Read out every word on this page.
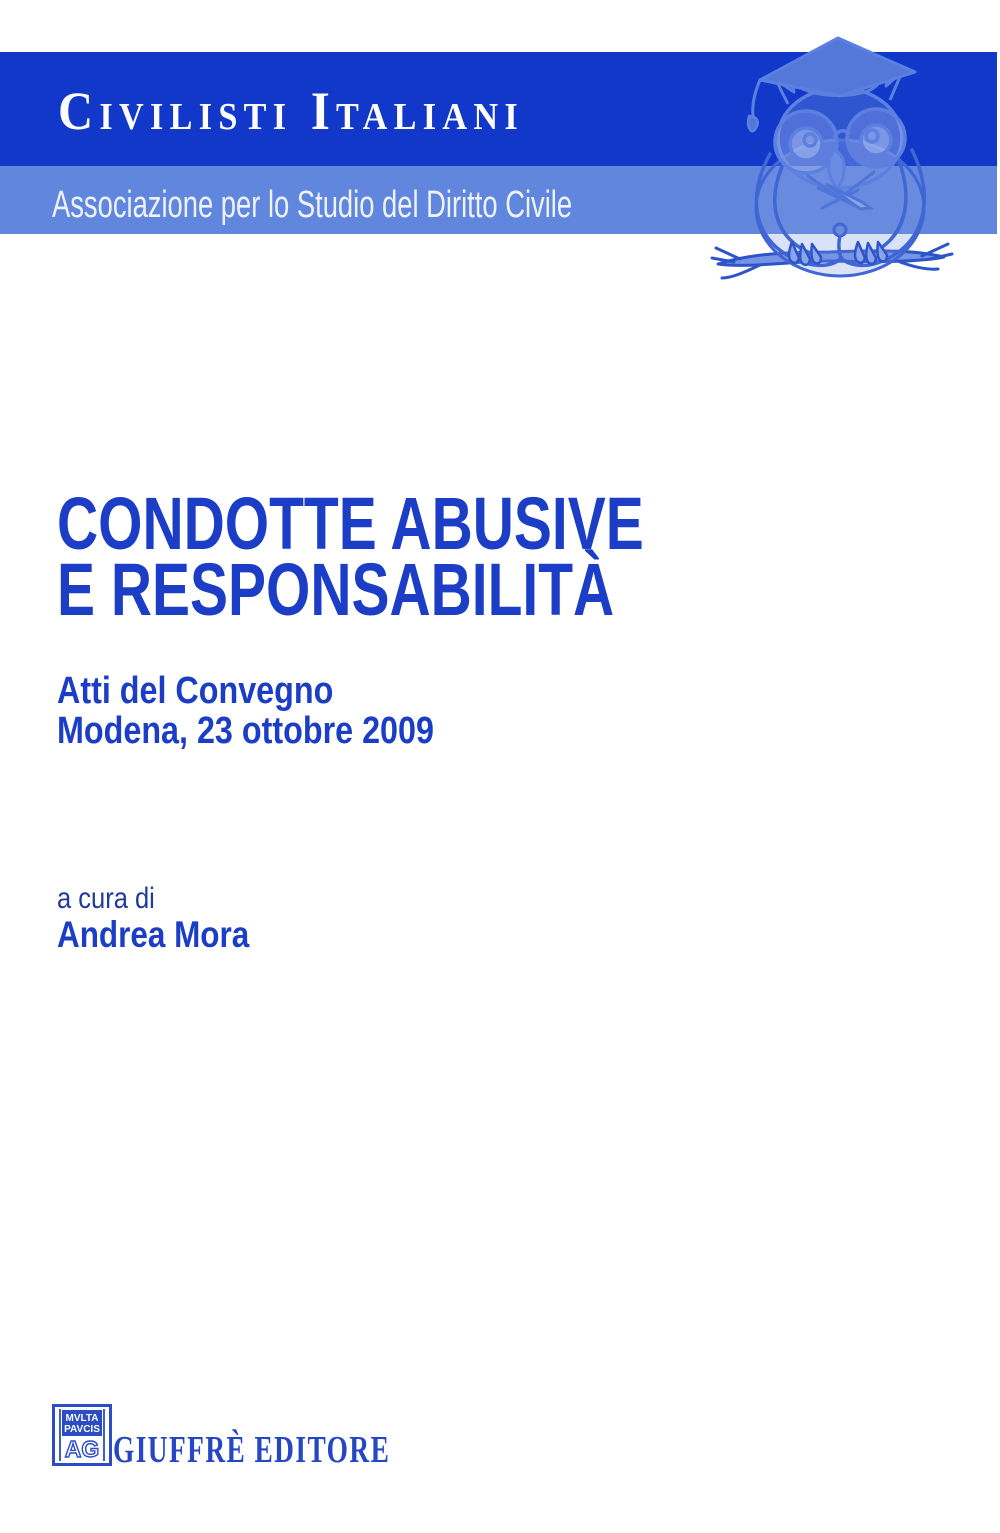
Civilisti Italiani
Associazione per lo Studio del Diritto Civile
CONDOTTE ABUSIVE
E RESPONSABILITÀ
Atti del Convegno
Modena, 23 ottobre 2009
a cura di
Andrea Mora
MVLTA
PAVCIS
AG GIUFFRÈ EDITORE
